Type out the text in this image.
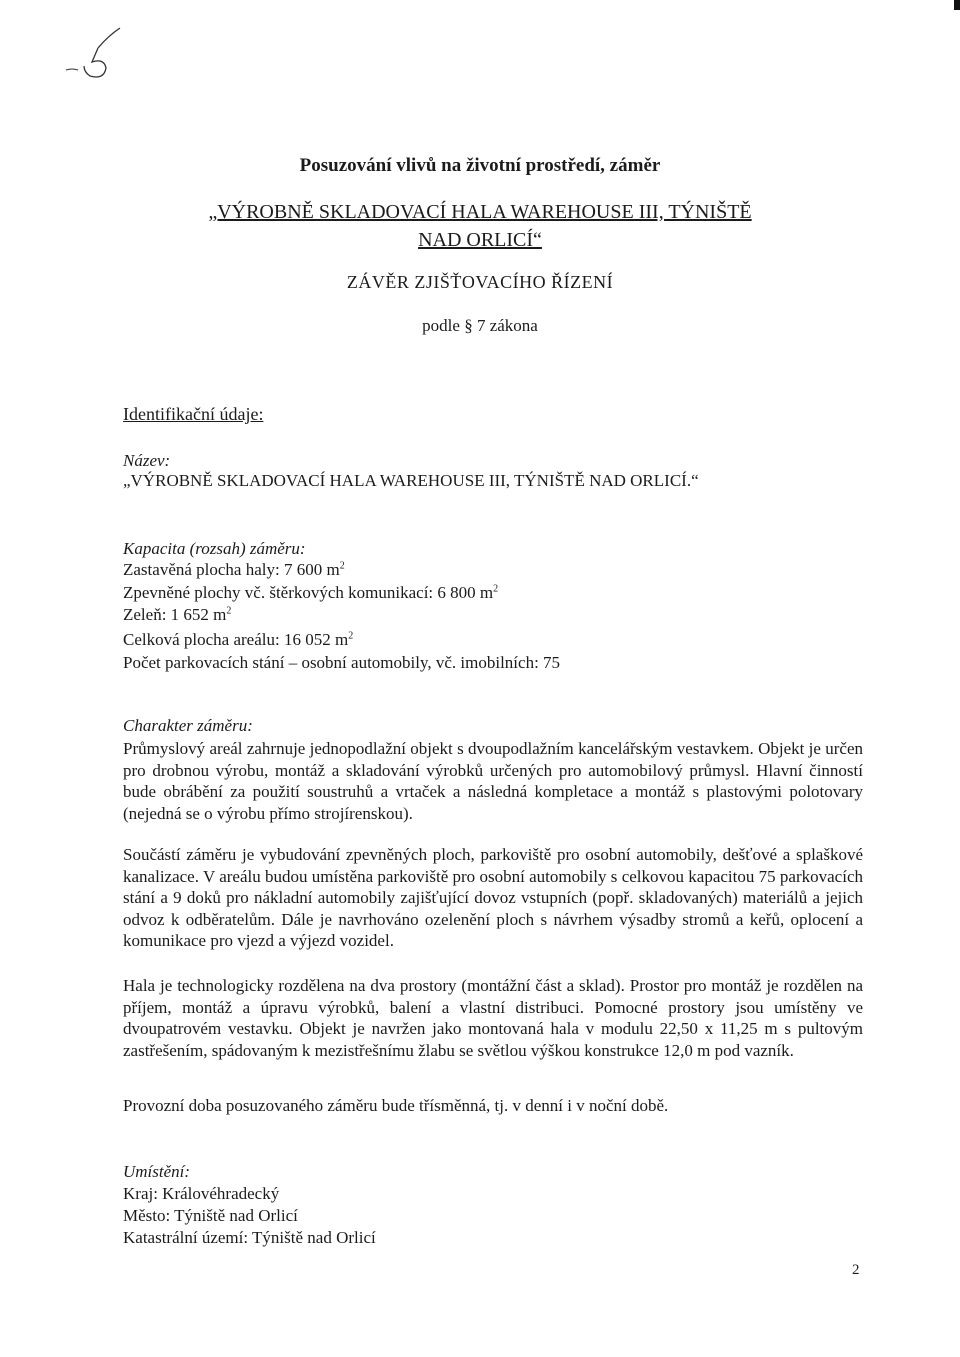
Posuzování vlivů na životní prostředí, záměr
„VÝROBNĚ SKLADOVACÍ HALA WAREHOUSE III, TÝNIŠTĚ
NAD ORLICÍ“
ZÁVĚR ZJIŠŤOVACÍHO ŘÍZENÍ
podle § 7 zákona
Identifikační údaje:
Název:
„VÝROBNĚ SKLADOVACÍ HALA WAREHOUSE III, TÝNIŠTĚ NAD ORLICÍ.“
Kapacita (rozsah) záměru:
Zastavěná plocha haly: 7 600 $m^2$
Zpevněné plochy vč. štěrkových komunikací: 6 800 $m^2$
Zeleň: 1 652 $m^2$
Celková plocha areálu: 16 052 $m^2$
Počet parkovacích stání – osobní automobily, vč. imobilních: 75
Charakter záměru:

Průmyslový areál zahrnuje jednopodlažní objekt s dvoupodlažním kancelářským vestavkem. Objekt je určen pro drobnou výrobu, montáž a skladování výrobků určených pro automobilový průmysl. Hlavní činností bude obrábění za použití soustruhů a vrtaček a následná kompletace a montáž s plastovými polotovary (nejedná se o výrobu přímo strojírenskou).

Součástí záměru je vybudování zpevněných ploch, parkoviště pro osobní automobily, dešťové a splaškové kanalizace. V areálu budou umístěna parkoviště pro osobní automobily s celkovou kapacitou 75 parkovacích stání a 9 doků pro nákladní automobily zajišťující dovoz vstupních (popř. skladovaných) materiálů a jejich odvoz k odběratelům. Dále je navrhováno ozelenění ploch s návrhem výsadby stromů a keřů, oplocení a komunikace pro vjezd a výjezd vozidel.

Hala je technologicky rozdělena na dva prostory (montážní část a sklad). Prostor pro montáž je rozdělen na příjem, montáž a úpravu výrobků, balení a vlastní distribuci. Pomocné prostory jsou umístěny ve dvoupatrovém vestavku. Objekt je navržen jako montovaná hala v modulu 22,50 x 11,25 m s pultovým zastřešením, spádovaným k mezistřešnímu žlabu se světlou výškou konstrukce 12,0 m pod vazník.

Provozní doba posuzovaného záměru bude třísměnná, tj. v denní i v noční době.

Umístění:
Kraj: Královéhradecký
Město: Týniště nad Orlicí
Katastrální území: Týniště nad Orlicí
2
